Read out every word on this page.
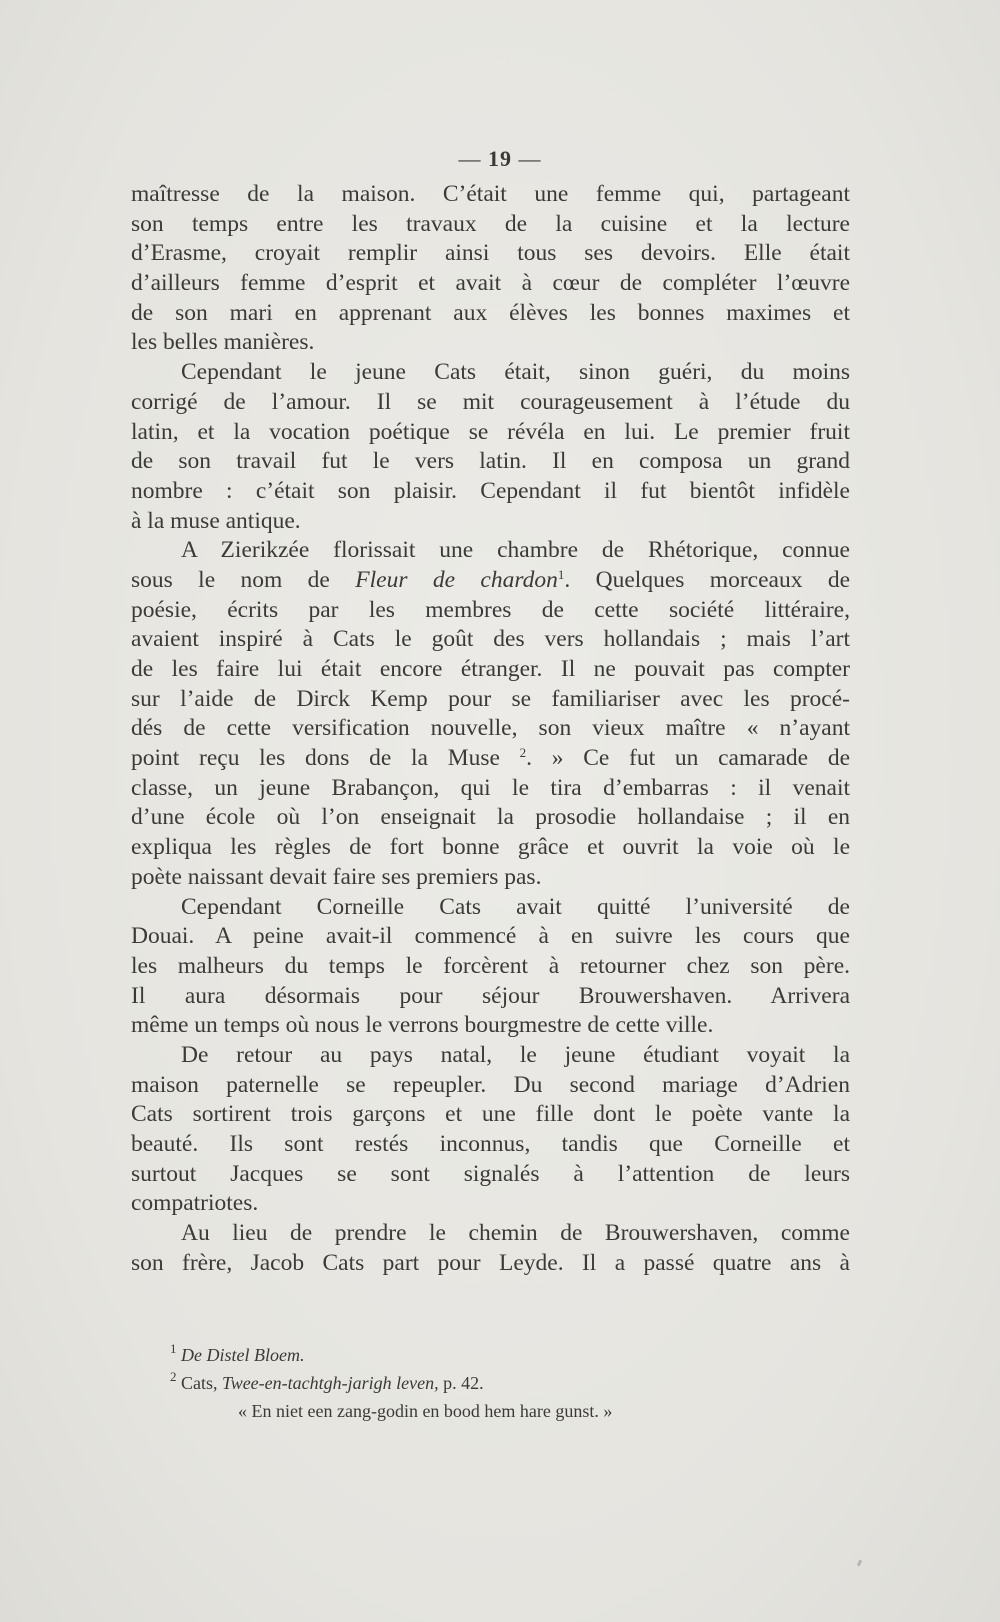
— 19 —
maîtresse de la maison. C’était une femme qui, partageant
son temps entre les travaux de la cuisine et la lecture
d’Erasme, croyait remplir ainsi tous ses devoirs. Elle était
d’ailleurs femme d’esprit et avait à cœur de compléter l’œuvre
de son mari en apprenant aux élèves les bonnes maximes et
les belles manières.
Cependant le jeune Cats était, sinon guéri, du moins
corrigé de l’amour. Il se mit courageusement à l’étude du
latin, et la vocation poétique se révéla en lui. Le premier fruit
de son travail fut le vers latin. Il en composa un grand
nombre : c’était son plaisir. Cependant il fut bientôt infidèle
à la muse antique.
A Zierikzée florissait une chambre de Rhétorique, connue
sous le nom de Fleur de chardon$^1$. Quelques morceaux de
poésie, écrits par les membres de cette société littéraire,
avaient inspiré à Cats le goût des vers hollandais ; mais l’art
de les faire lui était encore étranger. Il ne pouvait pas compter
sur l’aide de Dirck Kemp pour se familiariser avec les procé-
dés de cette versification nouvelle, son vieux maître « n’ayant
point reçu les dons de la Muse $^2$. » Ce fut un camarade de
classe, un jeune Brabançon, qui le tira d’embarras : il venait
d’une école où l’on enseignait la prosodie hollandaise ; il en
expliqua les règles de fort bonne grâce et ouvrit la voie où le
poète naissant devait faire ses premiers pas.
Cependant Corneille Cats avait quitté l’université de
Douai. A peine avait-il commencé à en suivre les cours que
les malheurs du temps le forcèrent à retourner chez son père.
Il aura désormais pour séjour Brouwershaven. Arrivera
même un temps où nous le verrons bourgmestre de cette ville.
De retour au pays natal, le jeune étudiant voyait la
maison paternelle se repeupler. Du second mariage d’Adrien
Cats sortirent trois garçons et une fille dont le poète vante la
beauté. Ils sont restés inconnus, tandis que Corneille et
surtout Jacques se sont signalés à l’attention de leurs
compatriotes.
Au lieu de prendre le chemin de Brouwershaven, comme
son frère, Jacob Cats part pour Leyde. Il a passé quatre ans à
$^1$ De Distel Bloem.
$^2$ Cats, Twee-en-tachtgh-jarigh leven, p. 42.
« En niet een zang-godin en bood hem hare gunst. »
